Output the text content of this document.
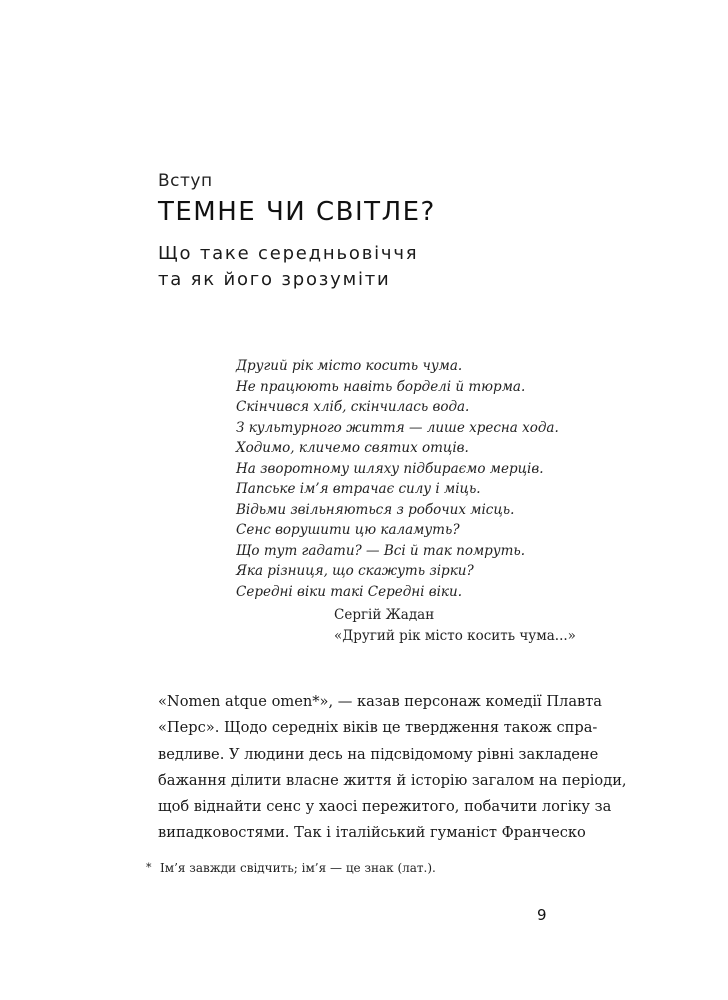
Вступ
ТЕМНЕ ЧИ СВІТЛЕ?
Що таке середньовіччя
та як його зрозуміти
Другий рік місто косить чума.
Не працюють навіть борделі й тюрма.
Скінчився хліб, скінчилась вода.
З культурного життя — лише хресна хода.
Ходимо, кличемо святих отців.
На зворотному шляху підбираємо мерців.
Папське ім’я втрачає силу і міць.
Відьми звільняються з робочих місць.
Сенс ворушити цю каламуть?
Що тут гадати? — Всі й так помруть.
Яка різниця, що скажуть зірки?
Середні віки такі Середні віки.
Сергій Жадан
«Другий рік місто косить чума...»
«Nomen atque omen*», — казав персонаж комедії Плавта
«Перс». Щодо середніх віків це твердження також спра-
ведливе. У людини десь на підсвідомому рівні закладене
бажання ділити власне життя й історію загалом на періоди,
щоб віднайти сенс у хаосі пережитого, побачити логіку за
випадковостями. Так і італійський гуманіст Франческо
* Ім’я завжди свідчить; ім’я — це знак (лат.).
9
